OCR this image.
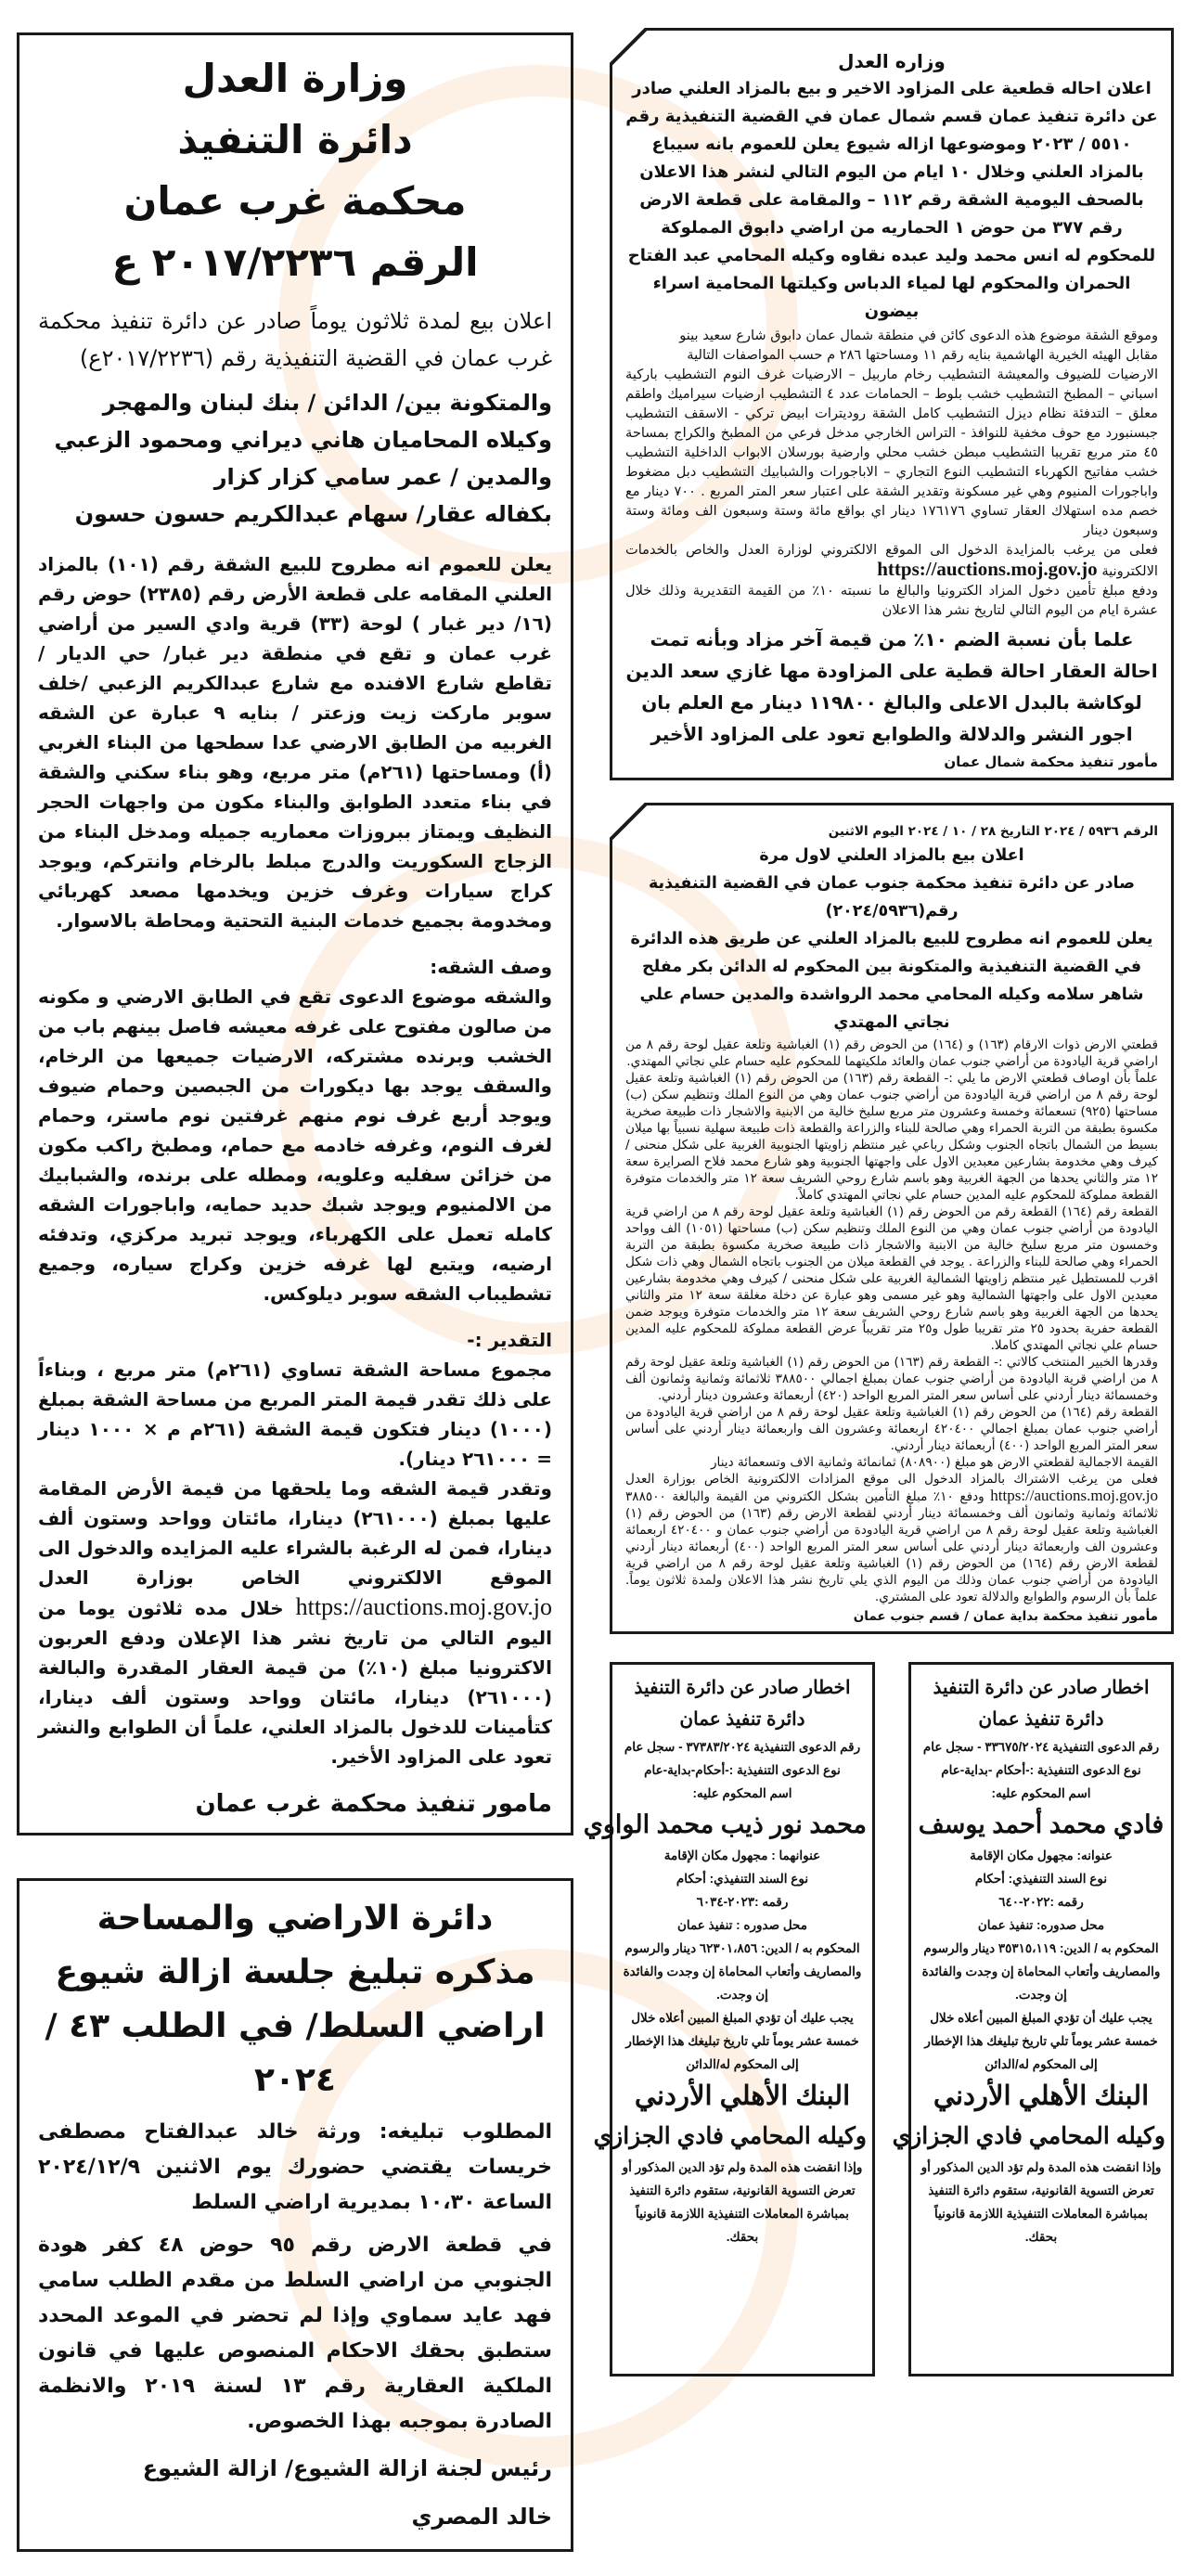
وزارة العدل
دائرة التنفيذ
محكمة غرب عمان
الرقم ٢٠١٧/٢٢٣٦ ع

اعلان بيع لمدة ثلاثون يوماً صادر عن دائرة تنفيذ محكمة غرب عمان في القضية التنفيذية رقم (٢٠١٧/٢٢٣٦ع)

والمتكونة بين/ الدائن / بنك لبنان والمهجر
وكيلاه المحاميان هاني ديراني ومحمود الزعبي
والمدين / عمر سامي كزار كزار
بكفاله عقار/ سهام عبدالكريم حسون حسون

يعلن للعموم انه مطروح للبيع الشقة رقم (١٠١) بالمزاد العلني المقامه على قطعة الأرض رقم (٢٣٨٥) حوض رقم (١٦/ دير غبار ) لوحة (٣٣) قرية وادي السير من أراضي غرب عمان و تقع في منطقة دير غبار/ حي الديار / تقاطع شارع الافنده مع شارع عبدالكريم الزعبي /خلف سوبر ماركت زيت وزعتر / بنايه ٩ عبارة عن الشقه الغربيه من الطابق الارضي عدا سطحها من البناء الغربي (أ) ومساحتها (٢٦١م) متر مربع، وهو بناء سكني والشقة في بناء متعدد الطوابق والبناء مكون من واجهات الحجر النظيف ويمتاز ببروزات معماريه جميله ومدخل البناء من الزجاج السكوريت والدرج مبلط بالرخام وانتركم، ويوجد كراج سيارات وغرف خزين ويخدمها مصعد كهربائي ومخدومة بجميع خدمات البنية التحتية ومحاطة بالاسوار.

وصف الشقه:

والشقه موضوع الدعوى تقع في الطابق الارضي و مكونه من صالون مفتوح على غرفه معيشه فاصل بينهم باب من الخشب وبرنده مشتركه، الارضيات جميعها من الرخام، والسقف يوجد بها ديكورات من الجبصين وحمام ضيوف ويوجد أربع غرف نوم منهم غرفتين نوم ماستر، وحمام لغرف النوم، وغرفه خادمه مع حمام، ومطبخ راكب مكون من خزائن سفليه وعلويه، ومطله على برنده، والشبابيك من الالمنيوم ويوجد شبك حديد حمايه، واباجورات الشقه كامله تعمل على الكهرباء، ويوجد تبريد مركزي، وتدفئه ارضيه، ويتبع لها غرفه خزين وكراج سياره، وجميع تشطيباب الشقه سوبر ديلوكس.

التقدير :-

مجموع مساحة الشقة تساوي (٢٦١م) متر مربع ، وبناءاً على ذلك تقدر قيمة المتر المربع من مساحة الشقة بمبلغ (١٠٠٠) دينار فتكون قيمة الشقة (٢٦١م م × ١٠٠٠ دينار = ٢٦١٠٠٠ دينار).

وتقدر قيمة الشقه وما يلحقها من قيمة الأرض المقامة عليها بمبلغ (٢٦١٠٠٠) دينارا، مائتان وواحد وستون ألف دينارا، فمن له الرغبة بالشراء عليه المزايده والدخول الى الموقع الالكتروني الخاص بوزارة العدل https://auctions.moj.gov.jo خلال مده ثلاثون يوما من اليوم التالي من تاريخ نشر هذا الإعلان ودفع العربون الاكترونيا مبلغ (١٠٪) من قيمة العقار المقدرة والبالغة (٢٦١٠٠٠) دينارا، مائتان وواحد وستون ألف دينارا، كتأمينات للدخول بالمزاد العلني، علماً أن الطوابع والنشر تعود على المزاود الأخير.

مامور تنفيذ محكمة غرب عمان
دائرة الاراضي والمساحة
مذكره تبليغ جلسة ازالة شيوع
اراضي السلط/ في الطلب ٤٣ / ٢٠٢٤

المطلوب تبليغه: ورثة خالد عبدالفتاح مصطفى خريسات يقتضي حضورك يوم الاثنين ٢٠٢٤/١٢/٩ الساعة ١٠،٣٠ بمديرية اراضي السلط

في قطعة الارض رقم ٩٥ حوض ٤٨ كفر هودة الجنوبي من اراضي السلط من مقدم الطلب سامي فهد عايد سماوي وإذا لم تحضر في الموعد المحدد ستطبق بحقك الاحكام المنصوص عليها في قانون الملكية العقارية رقم ١٣ لسنة ٢٠١٩ والانظمة الصادرة بموجبه بهذا الخصوص.

رئيس لجنة ازالة الشيوع/ ازالة الشيوع
خالد المصري
وزاره العدل

اعلان احاله قطعية على المزاود الاخير و بيع بالمزاد العلني صادر عن دائرة تنفيذ عمان قسم شمال عمان في القضية التنفيذية رقم ٥٥١٠ / ٢٠٢٣ وموضوعها ازاله شيوع يعلن للعموم بانه سيباع بالمزاد العلني وخلال ١٠ ايام من اليوم التالي لنشر هذا الاعلان بالصحف اليومية الشقة رقم ١١٢ – والمقامة على قطعة الارض رقم ٣٧٧ من حوض ١ الحماريه من اراضي دابوق المملوكة للمحكوم له انس محمد وليد عبده نقاوه وكيله المحامي عبد الفتاح الحمران والمحكوم لها لمياء الدباس وكيلتها المحامية اسراء بيضون

وموقع الشقة موضوع هذه الدعوى كائن في منطقة شمال عمان دابوق شارع سعيد بينو

مقابل الهيئه الخيرية الهاشمية بنايه رقم ١١ ومساحتها ٢٨٦ م حسب المواصفات التالية

الارضيات للضيوف والمعيشة التشطيب رخام ماربيل – الارضيات غرف النوم التشطيب باركية اسباني – المطبخ التشطيب خشب بلوط – الحمامات عدد ٤ التشطيب ارضيات سيراميك واطقم معلق – التدفئة نظام ديزل التشطيب كامل الشقة روديترات ابيض تركي - الاسقف التشطيب جبسنبورد مع حوف مخفية للنوافذ - التراس الخارجي مدخل فرعي من المطبخ والكراج بمساحة ٤٥ متر مربع تقريبا التشطيب مبطن خشب محلي وارضية بورسلان الابواب الداخلية التشطيب خشب مفاتيح الكهرباء التشطيب النوع التجاري – الاباجورات والشبابيك التشطيب دبل مضغوط واباجورات المنيوم وهي غير مسكونة وتقدير الشقة على اعتبار سعر المتر المربع . ٧٠٠ دينار مع خصم مده استهلاك العقار تساوي ١٧٦١٧٦ دينار اي بواقع مائة وستة وسبعون الف ومائة وستة وسبعون دينار

فعلى من يرغب بالمزايدة الدخول الى الموقع الالكتروني لوزارة العدل والخاص بالخدمات الالكترونية https://auctions.moj.gov.jo

ودفع مبلغ تأمين دخول المزاد الكترونيا والبالغ ما نسبته ١٠٪ من القيمة التقديرية وذلك خلال عشرة ايام من اليوم التالي لتاريخ نشر هذا الاعلان

علما بأن نسبة الضم ١٠٪ من قيمة آخر مزاد وبأنه تمت احالة العقار احالة قطية على المزاودة مها غازي سعد الدين لوكاشة بالبدل الاعلى والبالغ ١١٩٨٠٠ دينار مع العلم بان اجور النشر والدلالة والطوابع تعود على المزاود الأخير

مأمور تنفيذ محكمة شمال عمان
الرقم ٥٩٣٦ / ٢٠٢٤ التاريخ ٢٨ / ١٠ / ٢٠٢٤ اليوم الاثنين
اعلان بيع بالمزاد العلني لاول مرة
صادر عن دائرة تنفيذ محكمة جنوب عمان في القضية التنفيذية رقم(٢٠٢٤/٥٩٣٦)

يعلن للعموم انه مطروح للبيع بالمزاد العلني عن طريق هذه الدائرة في القضية التنفيذية والمتكونة بين المحكوم له الدائن بكر مفلح شاهر سلامه وكيله المحامي محمد الرواشدة والمدين حسام علي نجاتي المهتدي

قطعتي الارض ذوات الارقام (١٦٣) و (١٦٤) من الحوض رقم (١) الغباشية وتلعة عقيل لوحة رقم ٨ من اراضي قرية اليادودة من أراضي جنوب عمان والعائد ملكيتهما للمحكوم عليه حسام علي نجاتي المهتدي.

علماً بأن اوصاف قطعتي الارض ما يلي :- القطعة رقم (١٦٣) من الحوض رقم (١) الغباشية وتلعة عقيل لوحة رقم ٨ من اراضي قرية اليادودة من أراضي جنوب عمان وهي من النوع الملك وتنظيم سكن (ب) مساحتها (٩٢٥) تسعمائة وخمسة وعشرون متر مربع سليخ خالية من الابنية والاشجار ذات طبيعة صخرية مكسوة بطبقة من التربة الحمراء وهي صالحة للبناء والزراعة والقطعة ذات طبيعة سهلية نسبياً بها ميلان بسيط من الشمال باتجاه الجنوب وشكل رباعي غير منتظم زاويتها الجنوبية الغربية على شكل منحنى / كيرف وهي مخدومة بشارعين معبدين الاول على واجهتها الجنوبية وهو شارع محمد فلاح الصرايرة سعة ١٢ متر والثاني يحدها من الجهة الغربية وهو باسم شارع روحي الشريف سعة ١٢ متر والخدمات متوفرة القطعة مملوكة للمحكوم عليه المدين حسام علي نجاتي المهتدي كاملاً.

القطعة رقم (١٦٤) القطعة رقم من الحوض رقم (١) الغباشية وتلعة عقيل لوحة رقم ٨ من اراضي قرية اليادودة من أراضي جنوب عمان وهي من النوع الملك وتنظيم سكن (ب) مساحتها (١٠٥١) الف وواحد وخمسون متر مربع سليخ خالية من الابنية والاشجار ذات طبيعة صخرية مكسوة بطبقة من التربة الحمراء وهي صالحة للبناء والزراعة . يوجد في القطعة ميلان من الجنوب باتجاه الشمال وهي ذات شكل اقرب للمستطيل غير منتظم زاويتها الشمالية الغربية على شكل منحنى / كيرف وهي مخدومة بشارعين معبدين الاول على واجهتها الشمالية وهو غير مسمى وهو عبارة عن دخلة مغلقة سعة ١٢ متر والثاني يحدها من الجهة الغربية وهو باسم شارع روحي الشريف سعة ١٢ متر والخدمات متوفرة ويوجد ضمن القطعة حفرية بحدود ٢٥ متر تقريبا طول و٢٥ متر تقريباً عرض القطعة مملوكة للمحكوم عليه المدين حسام علي نجاتي المهتدي كاملا.

وقدرها الخبير المنتخب كالاتي :- القطعة رقم (١٦٣) من الحوض رقم (١) الغباشية وتلعة عقيل لوحة رقم ٨ من اراضي قرية اليادودة من أراضي جنوب عمان بمبلغ اجمالي ٣٨٨٥٠٠ ثلاثمائة وثمانية وثمانون ألف وخمسمائة دينار أردني على أساس سعر المتر المربع الواحد (٤٢٠) أربعمائة وعشرون دينار أردني.

القطعة رقم (١٦٤) من الحوض رقم (١) الغباشية وتلعة عقيل لوحة رقم ٨ من اراضي قرية اليادودة من أراضي جنوب عمان بمبلغ اجمالي ٤٢٠٤٠٠ اربعمائة وعشرون الف واربعمائة دينار أردني على أساس سعر المتر المربع الواحد (٤٠٠) أربعمائة دينار أردني.

القيمة الاجمالية لقطعتي الارض هو مبلغ (٨٠٨٩٠٠) ثمانمائة وثمانية الاف وتسعمائة دينار

فعلى من يرغب الاشتراك بالمزاد الدخول الى موقع المزادات الالكترونية الخاص بوزارة العدل https://auctions.moj.gov.jo ودفع ١٠٪ مبلغ التأمين بشكل الكتروني من القيمة والبالغة ٣٨٨٥٠٠ ثلاثمائة وثمانية وثمانون ألف وخمسمائة دينار أردني لقطعة الارض رقم (١٦٣) من الحوض رقم (١) الغباشية وتلعة عقيل لوحة رقم ٨ من اراضي قرية اليادودة من أراضي جنوب عمان و ٤٢٠٤٠٠ اربعمائة وعشرون الف واربعمائة دينار أردني على أساس سعر المتر المربع الواحد (٤٠٠) أربعمائة دينار أردني لقطعة الارض رقم (١٦٤) من الحوض رقم (١) الغباشية وتلعة عقيل لوحة رقم ٨ من اراضي قرية اليادودة من أراضي جنوب عمان وذلك من اليوم الذي يلي تاريخ نشر هذا الاعلان ولمدة ثلاثون يوماً. علماً بأن الرسوم والطوابع والدلالة تعود على المشتري.

مأمور تنفيذ محكمة بداية عمان / قسم جنوب عمان
اخطار صادر عن دائرة التنفيذ
دائرة تنفيذ عمان
رقم الدعوى التنفيذية ٣٧٣٨٣/٢٠٢٤ - سجل عام
نوع الدعوى التنفيذية :-أحكام-بداية-عام
اسم المحكوم عليه:
محمد نور ذيب محمد الواوي
عنوانهما : مجهول مكان الإقامة
نوع السند التنفيذي: أحكام
رقمه :٢٠٢٣-٦٠٣٤
محل صدوره : تنفيذ عمان
المحكوم به / الدين: ٦٢٣٠١،٨٥٦ دينار والرسوم والمصاريف وأتعاب المحاماة إن وجدت والفائدة إن وجدت.
يجب عليك أن تؤدي المبلغ المبين أعلاه خلال خمسة عشر يوماً تلي تاريخ تبليغك هذا الإخطار إلى المحكوم له/الدائن
البنك الأهلي الأردني
وكيله المحامي فادي الجزازي
وإذا انقضت هذه المدة ولم تؤد الدين المذكور أو تعرض التسوية القانونية، ستقوم دائرة التنفيذ بمباشرة المعاملات التنفيذية اللازمة قانونياً بحقك.
اخطار صادر عن دائرة التنفيذ
دائرة تنفيذ عمان
رقم الدعوى التنفيذية ٣٣٦٧٥/٢٠٢٤ - سجل عام
نوع الدعوى التنفيذية :-أحكام -بداية-عام
اسم المحكوم عليه:
فادي محمد أحمد يوسف
عنوانه: مجهول مكان الإقامة
نوع السند التنفيذي: أحكام
رقمه :٢٠٢٢-٦٤٠
محل صدوره: تنفيذ عمان
المحكوم به / الدين: ٣٥٣١٥،١١٩ دينار والرسوم والمصاريف وأتعاب المحاماة إن وجدت والفائدة إن وجدت.
يجب عليك أن تؤدي المبلغ المبين أعلاه خلال خمسة عشر يوماً تلي تاريخ تبليغك هذا الإخطار إلى المحكوم له/الدائن
البنك الأهلي الأردني
وكيله المحامي فادي الجزازي
وإذا انقضت هذه المدة ولم تؤد الدين المذكور أو تعرض التسوية القانونية، ستقوم دائرة التنفيذ بمباشرة المعاملات التنفيذية اللازمة قانونياً بحقك.
